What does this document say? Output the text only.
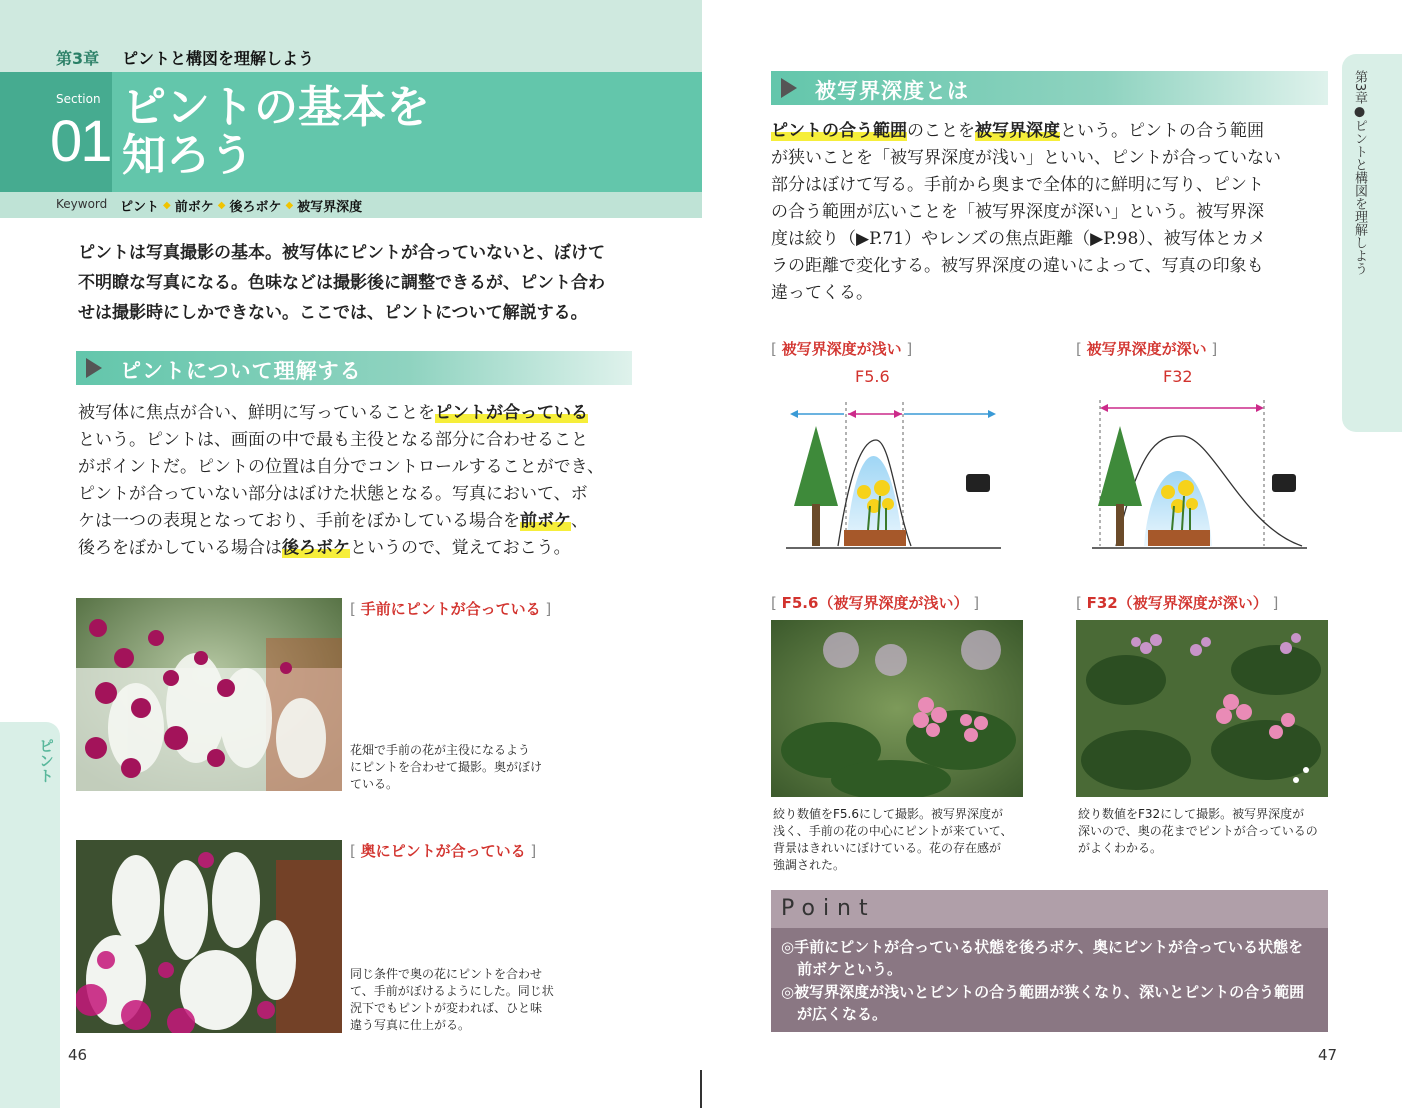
第3章 ピントと構図を理解しよう
Section
01
ピントの基本を
知ろう
Keyword ピント ◆ 前ボケ ◆ 後ろボケ ◆ 被写界深度
ピントは写真撮影の基本。被写体にピントが合っていないと、ぼけて
不明瞭な写真になる。色味などは撮影後に調整できるが、ピント合わ
せは撮影時にしかできない。ここでは、ピントについて解説する。
ピントについて理解する
被写体に焦点が合い、鮮明に写っていることをピントが合っている
という。ピントは、画面の中で最も主役となる部分に合わせること
がポイントだ。ピントの位置は自分でコントロールすることができ、
ピントが合っていない部分はぼけた状態となる。写真において、ボ
ケは一つの表現となっており、手前をぼかしている場合を前ボケ、
後ろをぼかしている場合は後ろボケというので、覚えておこう。
[ 手前にピントが合っている ]
花畑で手前の花が主役になるよう
にピントを合わせて撮影。奥がぼけ
ている。
[ 奥にピントが合っている ]
同じ条件で奥の花にピントを合わせ
て、手前がぼけるようにした。同じ状
況下でもピントが変われば、ひと味
違う写真に仕上がる。
ピント
46
被写界深度とは
ピントの合う範囲のことを被写界深度という。ピントの合う範囲
が狭いことを「被写界深度が浅い」といい、ピントが合っていない
部分はぼけて写る。手前から奥まで全体的に鮮明に写り、ピント
の合う範囲が広いことを「被写界深度が深い」という。被写界深
度は絞り（▶P.71）やレンズの焦点距離（▶P.98）、被写体とカメ
ラの距離で変化する。被写界深度の違いによって、写真の印象も
違ってくる。
[ 被写界深度が浅い ]
F5.6
[ 被写界深度が深い ]
F32
[ F5.6（被写界深度が浅い） ]
絞り数値をF5.6にして撮影。被写界深度が
浅く、手前の花の中心にピントが来ていて、
背景はきれいにぼけている。花の存在感が
強調された。
[ F32（被写界深度が深い） ]
絞り数値をF32にして撮影。被写界深度が
深いので、奥の花までピントが合っているの
がよくわかる。
Point
◎手前にピントが合っている状態を後ろボケ、奥にピントが合っている状態を
前ボケという。
◎被写界深度が浅いとピントの合う範囲が狭くなり、深いとピントの合う範囲
が広くなる。
第3章●ピントと構図を理解しよう
47
